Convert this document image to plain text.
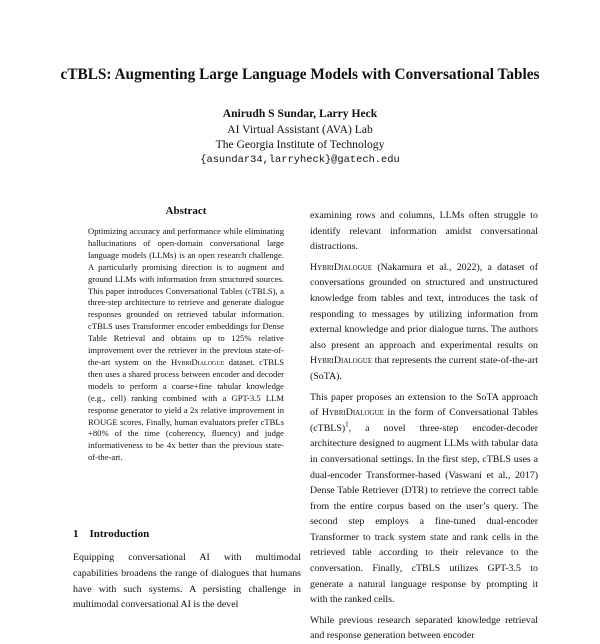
cTBLS: Augmenting Large Language Models with Conversational Tables
Anirudh S Sundar, Larry Heck
AI Virtual Assistant (AVA) Lab
The Georgia Institute of Technology
{asundar34,larryheck}@gatech.edu
Abstract

Optimizing accuracy and performance while eliminating hallucinations of open-domain conversational large language models (LLMs) is an open research challenge. A particularly promising direction is to augment and ground LLMs with information from structured sources. This paper introduces Conversational Tables (cTBLS), a three-step architecture to retrieve and generate dialogue responses grounded on retrieved tabular information. cTBLS uses Transformer encoder embeddings for Dense Table Retrieval and obtains up to 125% relative improvement over the retriever in the previous state-of-the-art system on the HybriDialogue dataset. cTBLS then uses a shared process between encoder and decoder models to perform a coarse+fine tabular knowledge (e.g., cell) ranking combined with a GPT-3.5 LLM response generator to yield a 2x relative improvement in ROUGE scores. Finally, human evaluators prefer cTBLs +80% of the time (coherency, fluency) and judge informativeness to be 4x better than the previous state-of-the-art.

1 Introduction

Equipping conversational AI with multimodal capabilities broadens the range of dialogues that humans have with such systems. A persisting challenge in multimodal conversational AI is the devel

examining rows and columns, LLMs often struggle to identify relevant information amidst conversational distractions.

HybriDialogue (Nakamura et al., 2022), a dataset of conversations grounded on structured and unstructured knowledge from tables and text, introduces the task of responding to messages by utilizing information from external knowledge and prior dialogue turns. The authors also present an approach and experimental results on HybriDialogue that represents the current state-of-the-art (SoTA).

This paper proposes an extension to the SoTA approach of HybriDialogue in the form of Conversational Tables (cTBLS)$^1$, a novel three-step encoder-decoder architecture designed to augment LLMs with tabular data in conversational settings. In the first step, cTBLS uses a dual-encoder Transformer-based (Vaswani et al., 2017) Dense Table Retriever (DTR) to retrieve the correct table from the entire corpus based on the user’s query. The second step employs a fine-tuned dual-encoder Transformer to track system state and rank cells in the retrieved table according to their relevance to the conversation. Finally, cTBLS utilizes GPT-3.5 to generate a natural language response by prompting it with the ranked cells.

While previous research separated knowledge retrieval and response generation between encoder
